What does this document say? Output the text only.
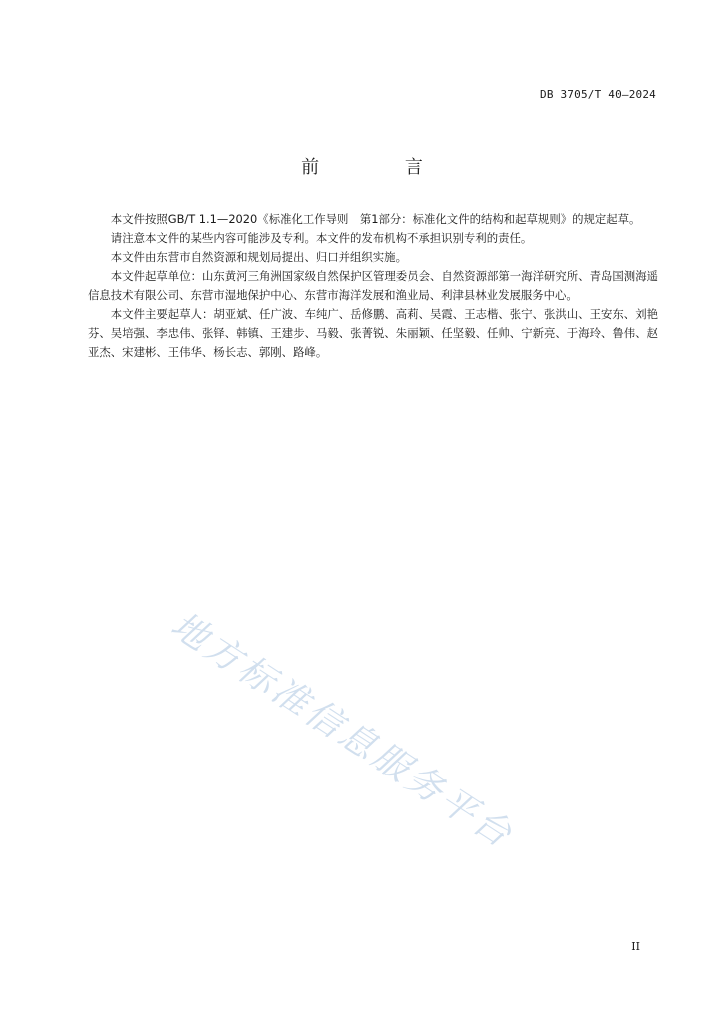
地方标准信息服务平台
DB 3705/T 40—2024
前 言

本文件按照GB/T 1.1—2020《标准化工作导则　第1部分：标准化文件的结构和起草规则》的规定起草。

请注意本文件的某些内容可能涉及专利。本文件的发布机构不承担识别专利的责任。

本文件由东营市自然资源和规划局提出、归口并组织实施。

本文件起草单位：山东黄河三角洲国家级自然保护区管理委员会、自然资源部第一海洋研究所、青岛国测海遥信息技术有限公司、东营市湿地保护中心、东营市海洋发展和渔业局、利津县林业发展服务中心。

本文件主要起草人：胡亚斌、任广波、车纯广、岳修鹏、高莉、吴霞、王志楷、张宁、张洪山、王安东、刘艳芬、吴培强、李忠伟、张铎、韩镇、王建步、马毅、张菁锐、朱丽颖、任坚毅、任帅、宁新亮、于海玲、鲁伟、赵亚杰、宋建彬、王伟华、杨长志、郭刚、路峰。

II
